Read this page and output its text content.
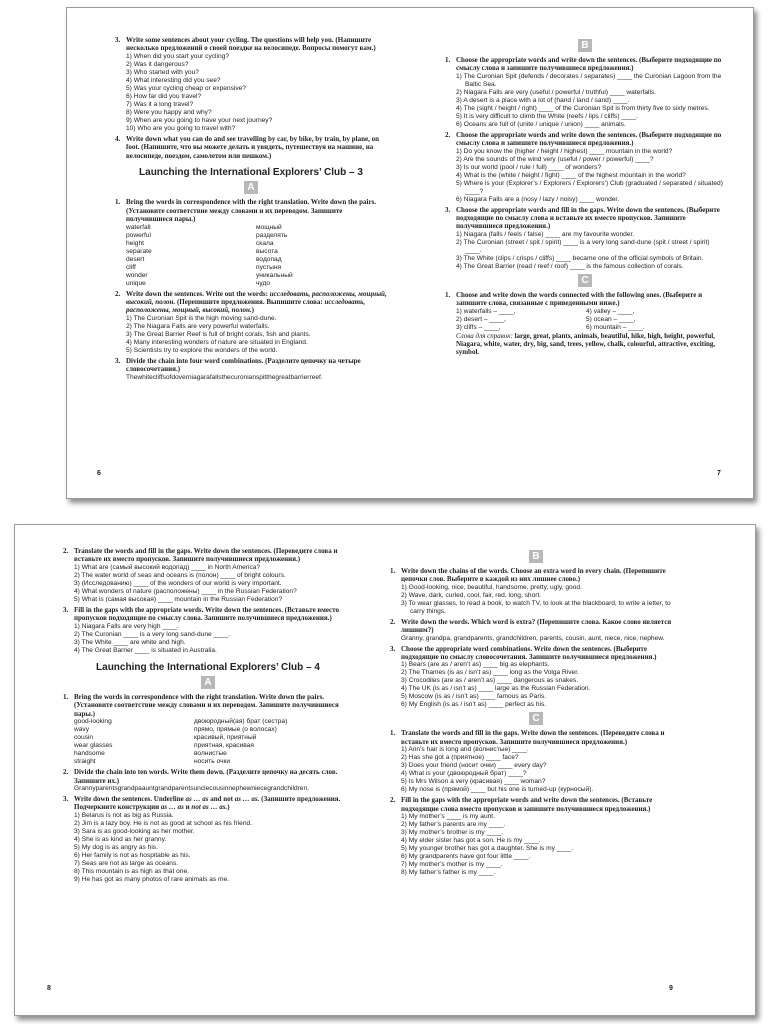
3. Write some sentences about your cycling. The questions will help you. (Напишите несколько предложений о своей поездке на велосипеде. Вопросы помогут вам.)
1) When did you start your cycling?
2) Was it dangerous?
3) Who started with you?
4) What interesting did you see?
5) Was your cycling cheap or expensive?
6) How far did you travel?
7) Was it a long travel?
8) Were you happy and why?
9) When are you going to have your next journey?
10) Who are you going to travel with?
4. Write down what you can do and see travelling by car, by bike, by train, by plane, on foot. (Напишите, что вы можете делать и увидеть, путешествуя на машине, на велосипеде, поездом, самолетом или пешком.)
Launching the International Explorers’ Club – 3
A
1. Bring the words in correspondence with the right translation. Write down the pairs. (Установите соответствие между словами и их переводом. Запишите получившиеся пары.)
waterfall	мощный
powerful	разделять
height	скала
separate	высота
desert	водопад
cliff	пустыня
wonder	уникальный
unique	чудо
2. Write down the sentences. Write out the words: исследовать, расположены, мощный, высокий, полон. (Перепишите предложения. Выпишите слова: исследовать, расположены, мощный, высокий, полон.)
1) The Curonian Spit is the high moving sand-dune.
2) The Niagara Falls are very powerful waterfalls.
3) The Great Barrier Reef is full of bright corals, fish and plants.
4) Many interesting wonders of nature are situated in England.
5) Scientists try to explore the wonders of the world.
3. Divide the chain into four word combinations. (Разделите цепочку на четыре словосочетания.)
Thewhitecliffsofdoverniagarafallsthecuronianspitthegreatbarrierreef.
6
B
1. Choose the appropriate words and write down the sentences. (Выберите подходящие по смыслу слова и запишите получившиеся предложения.)
1) The Curonian Spit (defends / decorates / separates) ____ the Curonian Lagoon from the Baltic Sea.
2) Niagara Falls are very (useful / powerful / truthful) ____ waterfalls.
3) A desert is a place with a lot of (hand / land / sand) ____.
4) The (sight / height / right) ____ of the Curonian Spit is from thirty five to sixty metres.
5) It is very difficult to climb the White (reefs / lips / cliffs) ____.
6) Oceans are full of (unite / unique / union) ____ animals.
2. Choose the appropriate words and write down the sentences. (Выберите подходящие по смыслу слова и запишите получившиеся предложения.)
1) Do you know the (higher / height / highest) ____ mountain in the world?
2) Are the sounds of the wind very (useful / power / powerful) ____?
3) Is our world (pool / rule / full) ____ of wonders?
4) What is the (white / height / fight) ____ of the highest mountain in the world?
5) Where is your (Explorer’s / Explorers / Explorers’) Club (graduated / separated / situated) ____?
6) Niagara Falls are a (nosy / lazy / noisy) ____ wonder.
3. Choose the appropriate words and fill in the gaps. Write down the sentences. (Выберите подходящие по смыслу слова и вставьте их вместо пропусков. Запишите получившиеся предложения.)
1) Niagara (falls / feels / false) ____ are my favourite wonder.
2) The Curonian (street / spit / spirit) ____ is a very long sand-dune (spit / street / spirit) ____.
3) The White (clips / crisps / cliffs) ____ became one of the official symbols of Britain.
4) The Great Barrier (read / reef / roof) ____ is the famous collection of corals.
C
1. Choose and write down the words connected with the following ones. (Выберите и запишите слова, связанные с приведенными ниже.)
1) waterfalls – ____,	4) valley – ____,
2) desert – ____,	5) ocean – ____,
3) cliffs – ____,	6) mountain – ____.
Слова для справок: large, great, plants, animals, beautiful, hike, high, height, powerful, Niagara, white, water, dry, big, sand, trees, yellow, chalk, colourful, attractive, exciting, symbol.
7
2. Translate the words and fill in the gaps. Write down the sentences. (Переведите слова и вставьте их вместо пропусков. Запишите получившиеся предложения.)
1) What are (самый высокий водопад) ____ in North America?
2) The water world of seas and oceans is (полон) ____ of bright colours.
3) (Исследованию) ____ of the wonders of our world is very important.
4) What wonders of nature (расположены) ____ in the Russian Federation?
5) What is (самая высокая) ____ mountain in the Russian Federation?
3. Fill in the gaps with the appropriate words. Write down the sentences. (Вставьте вместо пропусков подходящие по смыслу слова. Запишите получившиеся предложения.)
1) Niagara Falls are very high ____.
2) The Curonian ____ is a very long sand-dune ____.
3) The White ____ are white and high.
4) The Great Barrier ____ is situated in Australia.
Launching the International Explorers’ Club – 4
A
1. Bring the words in correspondence with the right translation. Write down the pairs. (Установите соответствие между словами и их переводом. Запишите получившиеся пары.)
good-looking	двоюродный(ая) брат (сестра)
wavy	прямо, прямые (о волосах)
cousin	красивый, приятный
wear glasses	приятная, красивая
handsome	волнистые
straight	носить очки
2. Divide the chain into ten words. Write them down. (Разделите цепочку на десять слов. Запишите их.)
Grannyparentsgrandpaauntgrandparentsunclecousinnephewniecegrandchildren.
3. Write down the sentences. Underline as … as and not as … as. (Запишите предложения. Подчеркните конструкции as … as и not as … as.)
1) Belarus is not as big as Russia.
2) Jim is a lazy boy. He is not as good at school as his friend.
3) Sara is as good-looking as her mother.
4) She is as kind as her granny.
5) My dog is as angry as his.
6) Her family is not as hospitable as his.
7) Seas are not as large as oceans.
8) This mountain is as high as that one.
9) He has got as many photos of rare animals as me.
8
B
1. Write down the chains of the words. Choose an extra word in every chain. (Перепишите цепочки слов. Выберите в каждой из них лишнее слово.)
1) Good-looking, nice, beautiful, handsome, pretty, ugly, good.
2) Wave, dark, curled, cool, fair, red, long, short.
3) To wear glasses, to read a book, to watch TV, to look at the blackboard, to write a letter, to carry things.
2. Write down the words. Which word is extra? (Перепишите слова. Какое слово является лишним?)
Granny, grandpa, grandparents, grandchildren, parents, cousin, aunt, niece, nice, nephew.
3. Choose the appropriate word combinations. Write down the sentences. (Выберите подходящие по смыслу словосочетания. Запишите получившиеся предложения.)
1) Bears (are as / aren’t as) ____ big as elephants.
2) The Thames (is as / isn’t as) ____ long as the Volga River.
3) Crocodiles (are as / aren’t as) ____ dangerous as snakes.
4) The UK (is as / isn’t as) ____ large as the Russian Federation.
5) Moscow (is as / isn’t as) ____ famous as Paris.
6) My English (is as / isn’t as) ____ perfect as his.
C
1. Translate the words and fill in the gaps. Write down the sentences. (Переведите слова и вставьте их вместо пропусков. Запишите получившиеся предложения.)
1) Ann’s hair is long and (волнистые) ____.
2) Has she got a (приятное) ____ face?
3) Does your friend (носит очки) ____ every day?
4) What is your (двоюродный брат) ____?
5) Is Mrs Wilson a very (красивая) ____ woman?
6) My nose is (прямой) ____ but his one is turned-up (курносый).
2. Fill in the gaps with the appropriate words and write down the sentences. (Вставьте подходящие слова вместо пропусков и запишите получившиеся предложения.)
1) My mother’s ____ is my aunt.
2) My father’s parents are my ____.
3) My mother’s brother is my ____.
4) My elder sister has got a son. He is my ____.
5) My younger brother has got a daughter. She is my ____.
6) My grandparents have got four little ____.
7) My mother’s mother is my ____.
8) My father’s father is my ____.
9
